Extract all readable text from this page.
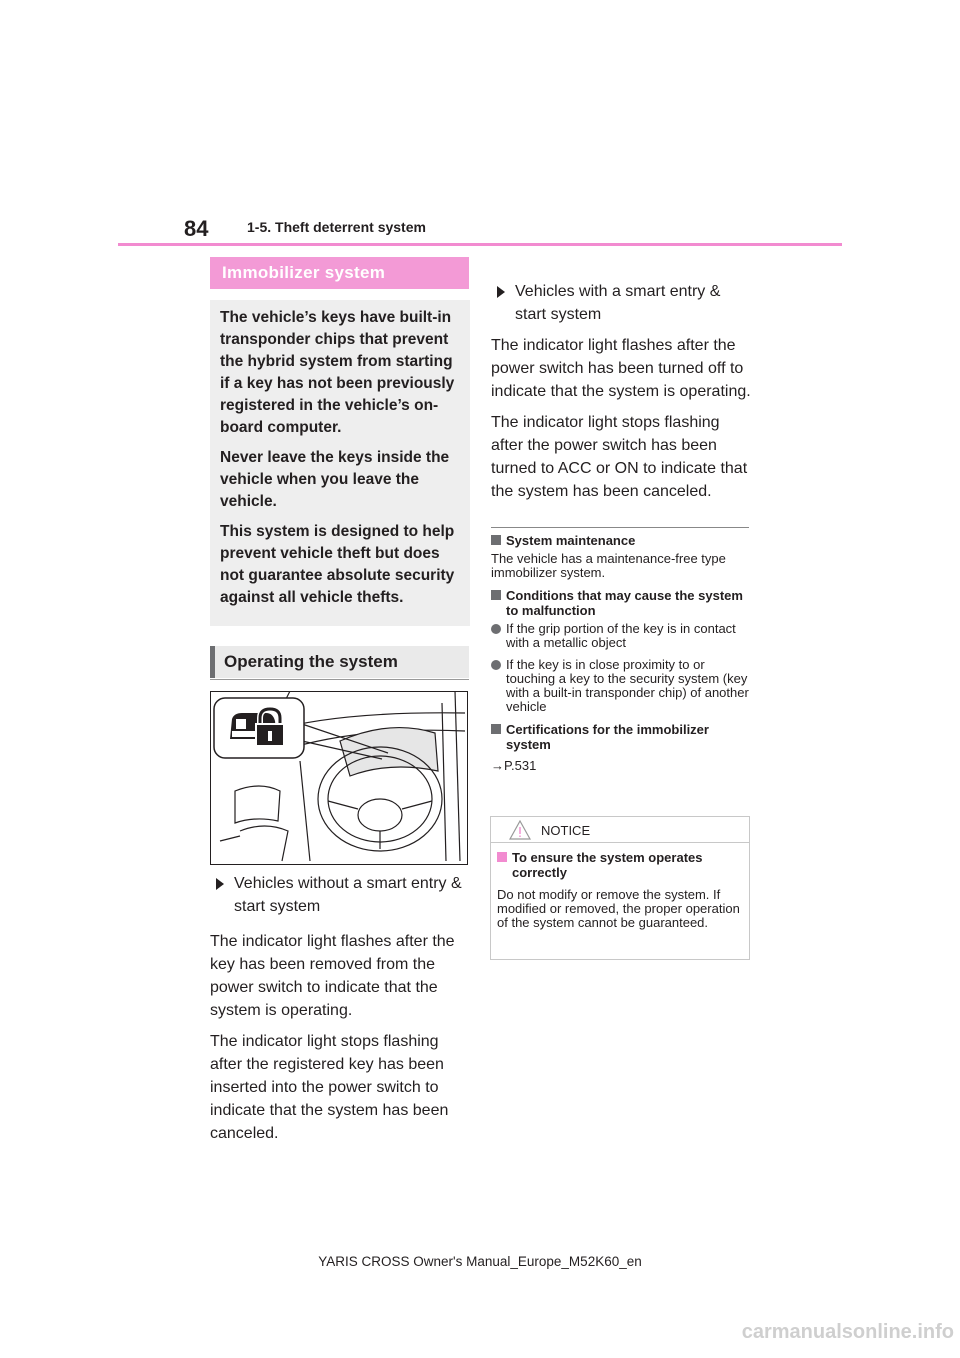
84	1-5. Theft deterrent system
Immobilizer system

The vehicle’s keys have built-in transponder chips that prevent the hybrid system from starting if a key has not been previously registered in the vehicle’s on-board computer.

Never leave the keys inside the vehicle when you leave the vehicle.

This system is designed to help prevent vehicle theft but does not guarantee absolute security against all vehicle thefts.

Operating the system

Vehicles without a smart entry & start system

The indicator light flashes after the key has been removed from the power switch to indicate that the system is operating.

The indicator light stops flashing after the registered key has been inserted into the power switch to indicate that the system has been canceled.

Vehicles with a smart entry & start system

The indicator light flashes after the power switch has been turned off to indicate that the system is operating.

The indicator light stops flashing after the power switch has been turned to ACC or ON to indicate that the system has been canceled.

System maintenance

The vehicle has a maintenance-free type immobilizer system.

Conditions that may cause the system to malfunction
If the grip portion of the key is in contact with a metallic object
If the key is in close proximity to or touching a key to the security system (key with a built-in transponder chip) of another vehicle
Certifications for the immobilizer system

→P.531

NOTICE
To ensure the system operates correctly

Do not modify or remove the system. If modified or removed, the proper operation of the system cannot be guaranteed.

YARIS CROSS Owner's Manual_Europe_M52K60_en
carmanualsonline.info
